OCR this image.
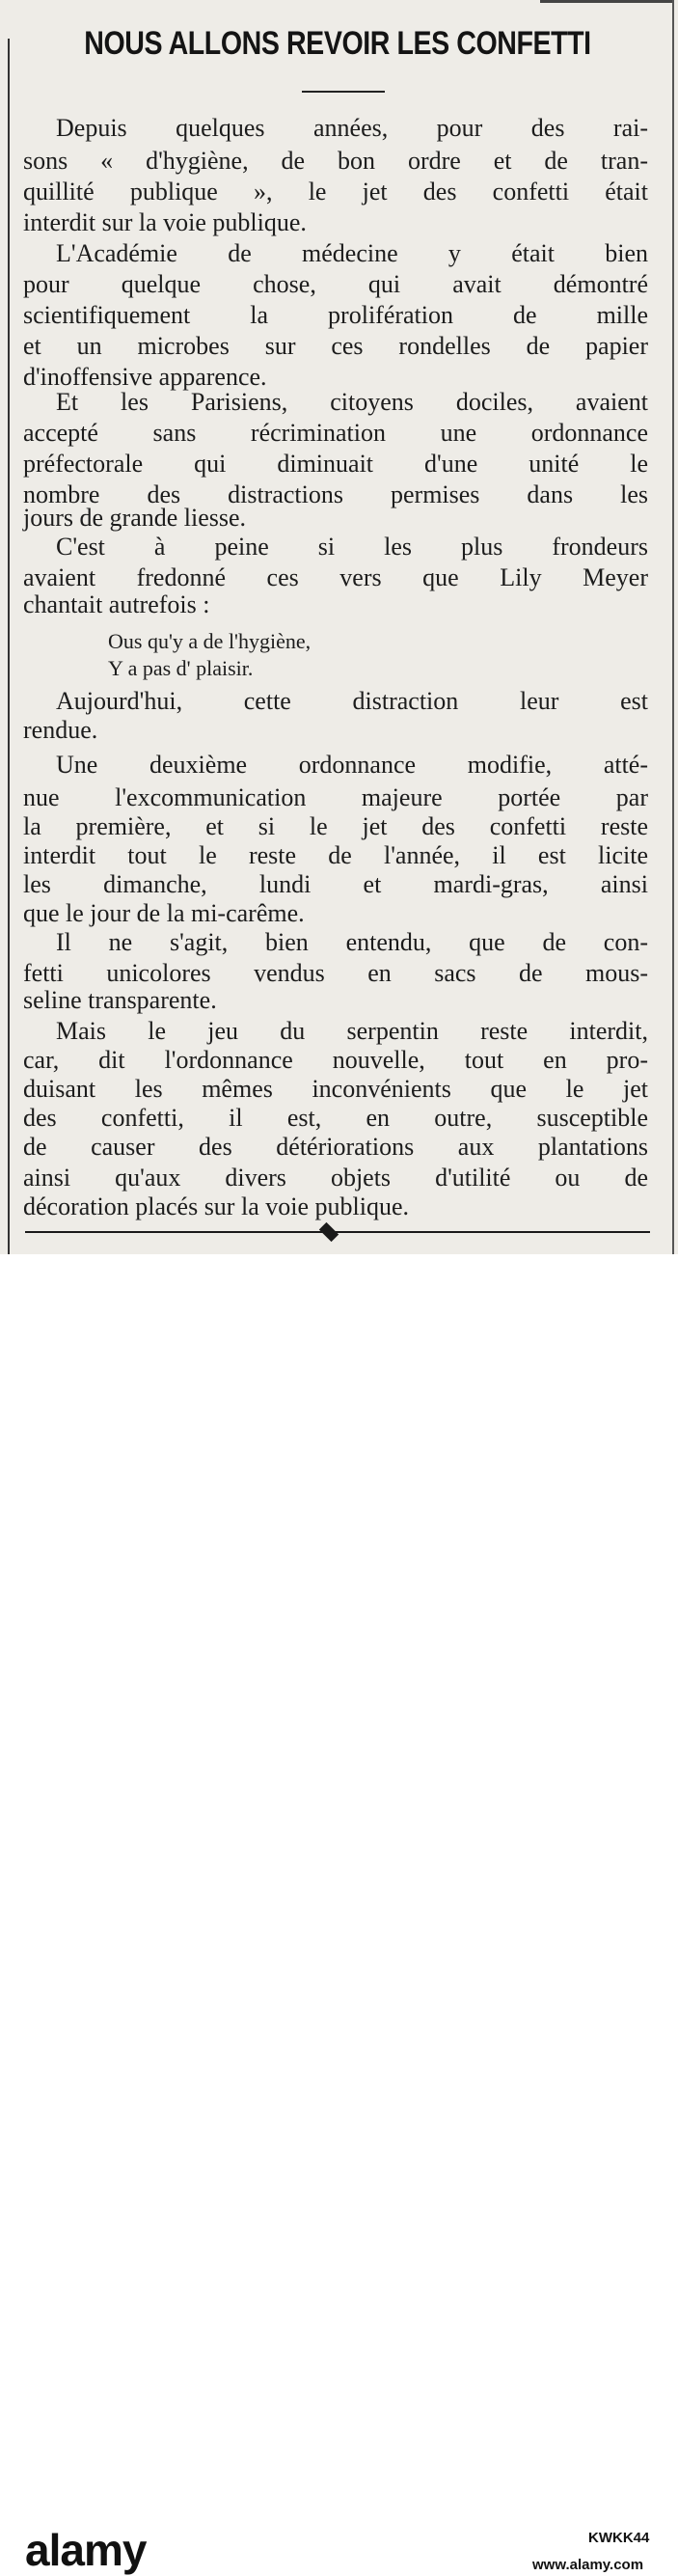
NOUS ALLONS REVOIR LES CONFETTI
Depuis quelques années, pour des rai-
sons « d'hygiène, de bon ordre et de tran-
quillité publique », le jet des confetti était
interdit sur la voie publique.
L'Académie de médecine y était bien
pour quelque chose, qui avait démontré
scientifiquement la prolifération de mille
et un microbes sur ces rondelles de papier
d'inoffensive apparence.
Et les Parisiens, citoyens dociles, avaient
accepté sans récrimination une ordonnance
préfectorale qui diminuait d'une unité le
nombre des distractions permises dans les
jours de grande liesse.
C'est à peine si les plus frondeurs
avaient fredonné ces vers que Lily Meyer
chantait autrefois :
Ous qu'y a de l'hygiène,
Y a pas d' plaisir.
Aujourd'hui, cette distraction leur est
rendue.
Une deuxième ordonnance modifie, atté-
nue l'excommunication majeure portée par
la première, et si le jet des confetti reste
interdit tout le reste de l'année, il est licite
les dimanche, lundi et mardi-gras, ainsi
que le jour de la mi-carême.
Il ne s'agit, bien entendu, que de con-
fetti unicolores vendus en sacs de mous-
seline transparente.
Mais le jeu du serpentin reste interdit,
car, dit l'ordonnance nouvelle, tout en pro-
duisant les mêmes inconvénients que le jet
des confetti, il est, en outre, susceptible
de causer des détériorations aux plantations
ainsi qu'aux divers objets d'utilité ou de
décoration placés sur la voie publique.
alamy	KWKK44
www.alamy.com
